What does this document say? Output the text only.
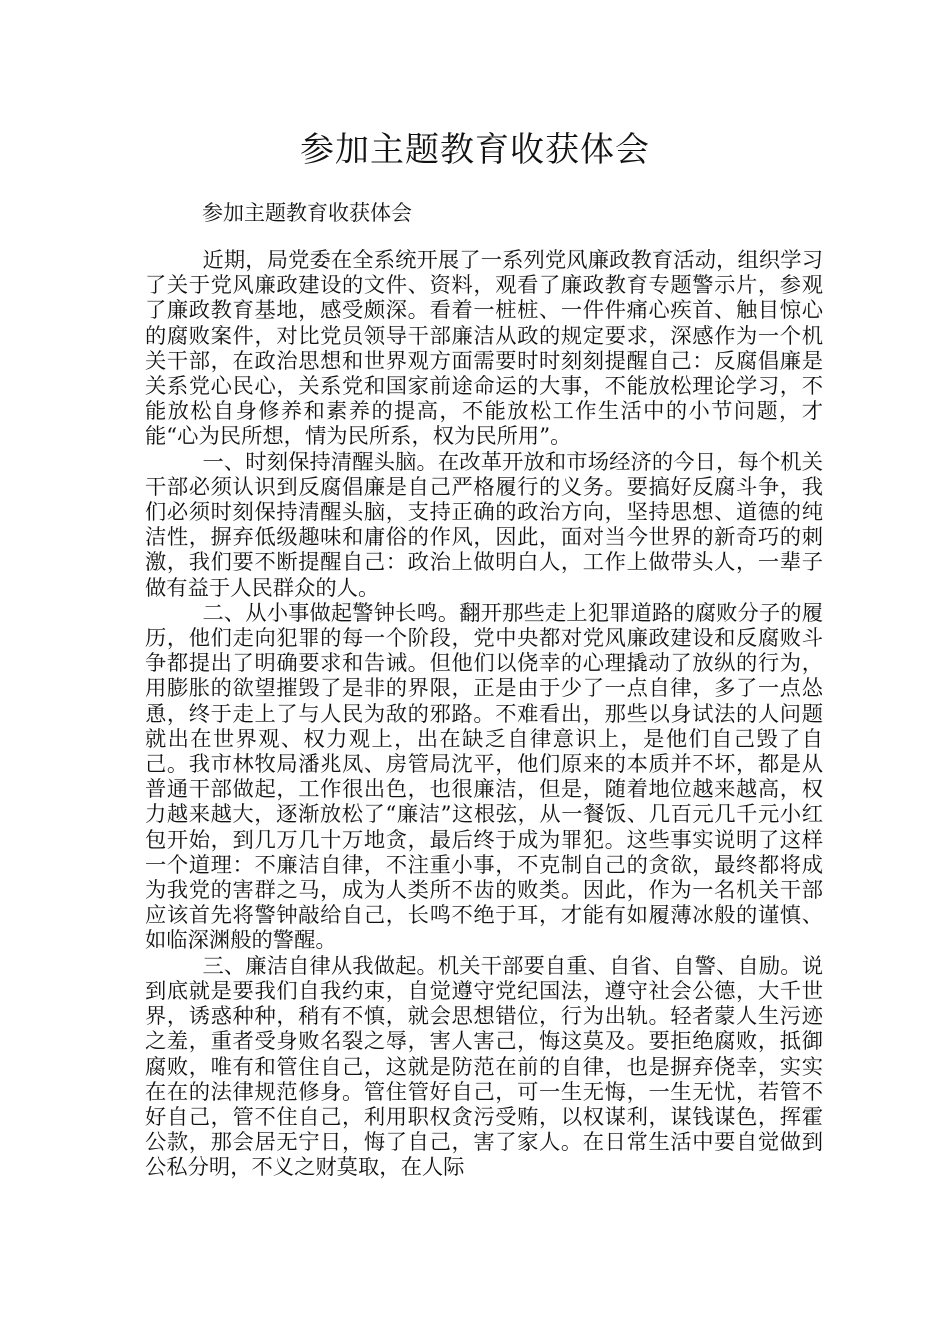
参加主题教育收获体会
参加主题教育收获体会

近期，局党委在全系统开展了一系列党风廉政教育活动，组织学习了关于党风廉政建设的文件、资料，观看了廉政教育专题警示片，参观了廉政教育基地，感受颇深。看着一桩桩、一件件痛心疾首、触目惊心的腐败案件，对比党员领导干部廉洁从政的规定要求，深感作为一个机关干部，在政治思想和世界观方面需要时时刻刻提醒自己：反腐倡廉是关系党心民心，关系党和国家前途命运的大事，不能放松理论学习，不能放松自身修养和素养的提高，不能放松工作生活中的小节问题，才能“心为民所想，情为民所系，权为民所用”。

一、时刻保持清醒头脑。在改革开放和市场经济的今日，每个机关干部必须认识到反腐倡廉是自己严格履行的义务。要搞好反腐斗争，我们必须时刻保持清醒头脑，支持正确的政治方向，坚持思想、道德的纯洁性，摒弃低级趣味和庸俗的作风，因此，面对当今世界的新奇巧的刺激，我们要不断提醒自己：政治上做明白人，工作上做带头人，一辈子做有益于人民群众的人。

二、从小事做起警钟长鸣。翻开那些走上犯罪道路的腐败分子的履历，他们走向犯罪的每一个阶段，党中央都对党风廉政建设和反腐败斗争都提出了明确要求和告诫。但他们以侥幸的心理撬动了放纵的行为，用膨胀的欲望摧毁了是非的界限，正是由于少了一点自律，多了一点怂恿，终于走上了与人民为敌的邪路。不难看出，那些以身试法的人问题就出在世界观、权力观上，出在缺乏自律意识上，是他们自己毁了自己。我市林牧局潘兆凤、房管局沈平，他们原来的本质并不坏，都是从普通干部做起，工作很出色，也很廉洁，但是，随着地位越来越高，权力越来越大，逐渐放松了“廉洁”这根弦，从一餐饭、几百元几千元小红包开始，到几万几十万地贪，最后终于成为罪犯。这些事实说明了这样一个道理：不廉洁自律，不注重小事，不克制自己的贪欲，最终都将成为我党的害群之马，成为人类所不齿的败类。因此，作为一名机关干部应该首先将警钟敲给自己，长鸣不绝于耳，才能有如履薄冰般的谨慎、如临深渊般的警醒。

三、廉洁自律从我做起。机关干部要自重、自省、自警、自励。说到底就是要我们自我约束，自觉遵守党纪国法，遵守社会公德，大千世界，诱惑种种，稍有不慎，就会思想错位，行为出轨。轻者蒙人生污迹之羞，重者受身败名裂之辱，害人害己，悔这莫及。要拒绝腐败，抵御腐败，唯有和管住自己，这就是防范在前的自律，也是摒弃侥幸，实实在在的法律规范修身。管住管好自己，可一生无悔，一生无忧，若管不好自己，管不住自己，利用职权贪污受贿，以权谋利，谋钱谋色，挥霍公款，那会居无宁日，悔了自己，害了家人。在日常生活中要自觉做到公私分明，不义之财莫取，在人际
